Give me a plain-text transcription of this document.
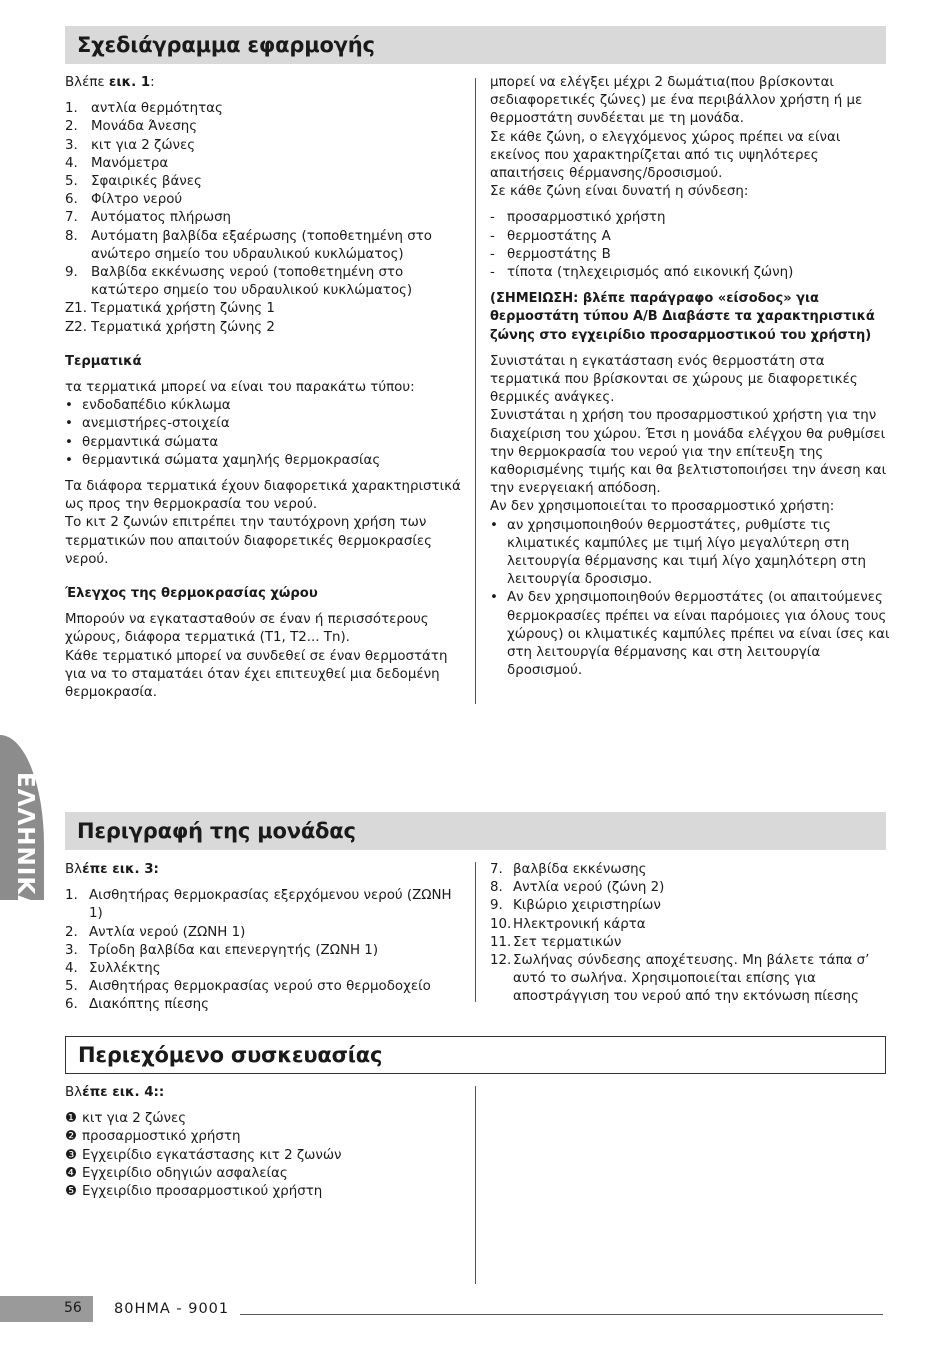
Σχεδιάγραμμα εφαρμογής

Βλέπε εικ. 1:

1. αντλία θερμότητας
2. Μονάδα Άνεσης
3. κιτ για 2 ζώνες
4. Μανόμετρα
5. Σφαιρικές βάνες
6. Φίλτρο νερού
7. Αυτόματος πλήρωση
8. Αυτόματη βαλβίδα εξαέρωσης (τοποθετημένη στο ανώτερο σημείο του υδραυλικού κυκλώματος)
9. Βαλβίδα εκκένωσης νερού (τοποθετημένη στο κατώτερο σημείο του υδραυλικού κυκλώματος)
Z1. Τερματικά χρήστη ζώνης 1
Z2. Τερματικά χρήστη ζώνης 2

Τερματικά

τα τερματικά μπορεί να είναι του παρακάτω τύπου:

• ενδοδαπέδιο κύκλωμα
• ανεμιστήρες-στοιχεία
• θερμαντικά σώματα
• θερμαντικά σώματα χαμηλής θερμοκρασίας

Τα διάφορα τερματικά έχουν διαφορετικά χαρακτηριστικά ως προς την θερμοκρασία του νερού.
Το κιτ 2 ζωνών επιτρέπει την ταυτόχρονη χρήση των τερματικών που απαιτούν διαφορετικές θερμοκρασίες νερού.

Έλεγχος της θερμοκρασίας χώρου

Μπορούν να εγκατασταθούν σε έναν ή περισσότερους χώρους, διάφορα τερματικά (T1, T2... Tn).
Κάθε τερματικό μπορεί να συνδεθεί σε έναν θερμοστάτη για να το σταματάει όταν έχει επιτευχθεί μια δεδομένη θερμοκρασία.

μπορεί να ελέγξει μέχρι 2 δωμάτια(που βρίσκονται σεδιαφορετικές ζώνες) με ένα περιβάλλον χρήστη ή με θερμοστάτη συνδέεται με τη μονάδα.
Σε κάθε ζώνη, ο ελεγχόμενος χώρος πρέπει να είναι εκείνος που χαρακτηρίζεται από τις υψηλότερες απαιτήσεις θέρμανσης/δροσισμού.
Σε κάθε ζώνη είναι δυνατή η σύνδεση:

- προσαρμοστικό χρήστη
- θερμοστάτης A
- θερμοστάτης B
- τίποτα (τηλεχειρισμός από εικονική ζώνη)

(ΣΗΜΕΙΩΣΗ: βλέπε παράγραφο «είσοδος» για θερμοστάτη τύπου A/B Διαβάστε τα χαρακτηριστικά ζώνης στο εγχειρίδιο προσαρμοστικού του χρήστη)

Συνιστάται η εγκατάσταση ενός θερμοστάτη στα τερματικά που βρίσκονται σε χώρους με διαφορετικές θερμικές ανάγκες.
Συνιστάται η χρήση του προσαρμοστικού χρήστη για την διαχείριση του χώρου. Έτσι η μονάδα ελέγχου θα ρυθμίσει την θερμοκρασία του νερού για την επίτευξη της καθορισμένης τιμής και θα βελτιστοποιήσει την άνεση και την ενεργειακή απόδοση.
Αν δεν χρησιμοποιείται το προσαρμοστικό χρήστη:

• αν χρησιμοποιηθούν θερμοστάτες, ρυθμίστε τις κλιματικές καμπύλες με τιμή λίγο μεγαλύτερη στη λειτουργία θέρμανσης και τιμή λίγο χαμηλότερη στη λειτουργία δροσισμο.
• Αν δεν χρησιμοποιηθούν θερμοστάτες (οι απαιτούμενες θερμοκρασίες πρέπει να είναι παρόμοιες για όλους τους χώρους) οι κλιματικές καμπύλες πρέπει να είναι ίσες και στη λειτουργία θέρμανσης και στη λειτουργία δροσισμού.
ΕΛΛΗΝΙΚΑ	Περιγραφή της μονάδας

Βλέπε εικ. 3:

1. Αισθητήρας θερμοκρασίας εξερχόμενου νερού (ΖΩΝΗ 1)
2. Αντλία νερού (ΖΩΝΗ 1)
3. Τρίοδη βαλβίδα και επενεργητής (ΖΩΝΗ 1)
4. Συλλέκτης
5. Αισθητήρας θερμοκρασίας νερού στο θερμοδοχείο
6. Διακόπτης πίεσης
7. βαλβίδα εκκένωσης
8. Αντλία νερού (ζώνη 2)
9. Κιβώριο χειριστηρίων
10. Ηλεκτρονική κάρτα
11. Σετ τερματικών
12. Σωλήνας σύνδεσης αποχέτευσης. Μη βάλετε τάπα σ’ αυτό το σωλήνα. Χρησιμοποιείται επίσης για αποστράγγιση του νερού από την εκτόνωση πίεσης
Περιεχόμενο συσκευασίας

Βλέπε εικ. 4::

❶ κιτ για 2 ζώνες
❷ προσαρμοστικό χρήστη
❸ Εγχειρίδιο εγκατάστασης κιτ 2 ζωνών
❹ Εγχειρίδιο οδηγιών ασφαλείας
❺ Εγχειρίδιο προσαρμοστικού χρήστη
56 80HMA - 9001
